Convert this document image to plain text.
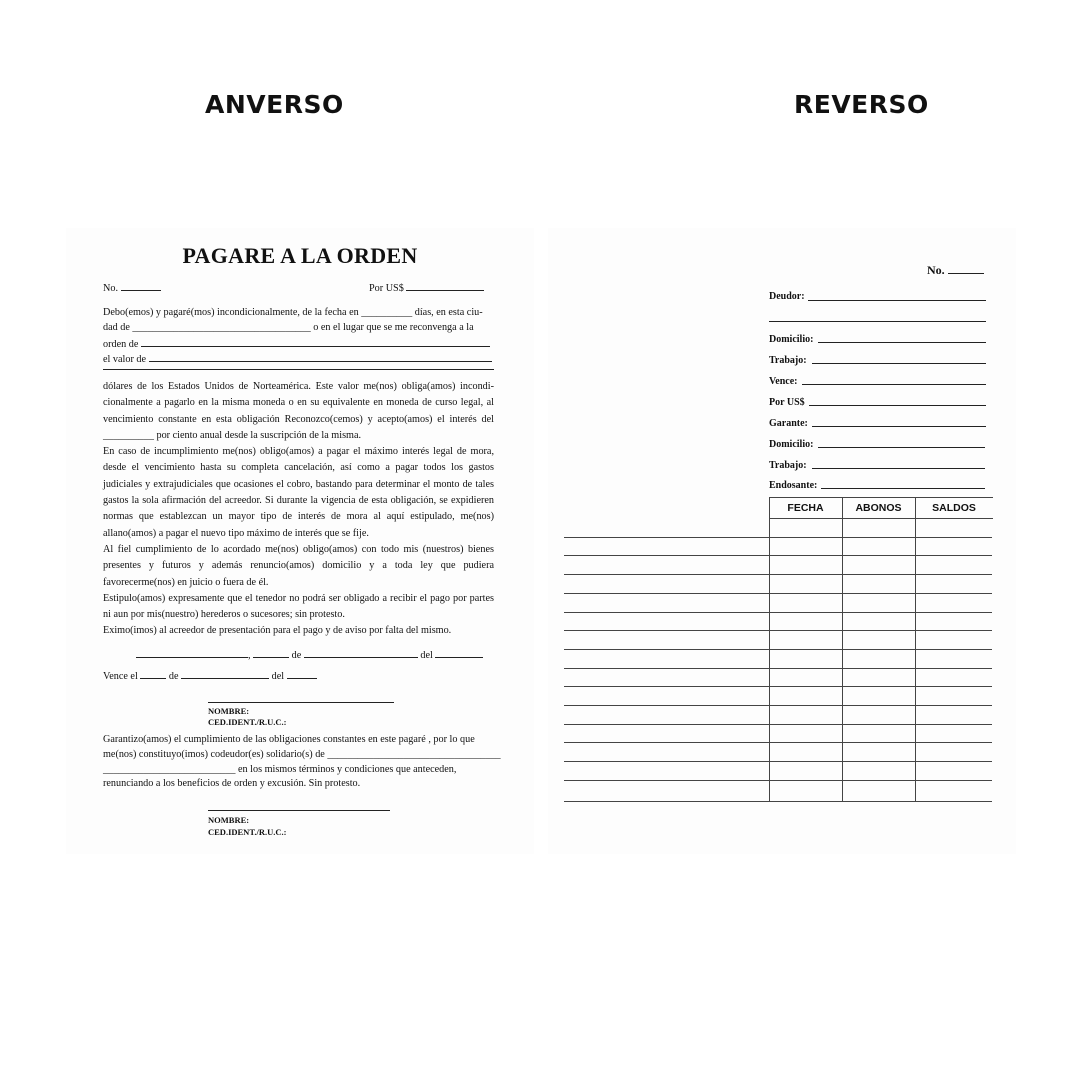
ANVERSO	REVERSO
PAGARE A LA ORDEN
No.	Por US$
Debo(emos) y pagaré(mos) incondicionalmente, de la fecha en __________ días, en esta ciu-
dad de ___________________________________ o en el lugar que se me reconvenga a la
orden de
el valor de

dólares de los Estados Unidos de Norteamérica. Este valor me(nos) obliga(amos) incondi- cionalmente a pagarlo en la misma moneda o en su equivalente en moneda de curso legal, al vencimiento constante en esta obligación Reconozco(cemos) y acepto(amos) el interés del __________ por ciento anual desde la suscripción de la misma.

En caso de incumplimiento me(nos) obligo(amos) a pagar el máximo interés legal de mora, desde el vencimiento hasta su completa cancelación, así como a pagar todos los gastos judiciales y extrajudiciales que ocasiones el cobro, bastando para determinar el monto de tales gastos la sola afirmación del acreedor. Si durante la vigencia de esta obligación, se expidieren normas que establezcan un mayor tipo de interés de mora al aquí estipulado, me(nos) allano(amos) a pagar el nuevo tipo máximo de interés que se fije.

Al fiel cumplimiento de lo acordado me(nos) obligo(amos) con todo mis (nuestros) bienes presentes y futuros y además renuncio(amos) domicilio y a toda ley que pudiera favorecerme(nos) en juicio o fuera de él.

Estipulo(amos) expresamente que el tenedor no podrá ser obligado a recibir el pago por partes ni aun por mis(nuestro) herederos o sucesores; sin protesto.

Eximo(imos) al acreedor de presentación para el pago y de aviso por falta del mismo.

,	de	del
Vence el	de	del
NOMBRE:
CED.IDENT./R.U.C.:
Garantizo(amos) el cumplimiento de las obligaciones constantes en este pagaré , por lo que
me(nos) constituyo(imos) codeudor(es) solidario(s) de __________________________________
__________________________ en los mismos términos y condiciones que anteceden,
renunciando a los beneficios de orden y excusión. Sin protesto.
NOMBRE:
CED.IDENT./R.U.C.:
No.
Deudor:
Domicilio:
Trabajo:
Vence:
Por US$
Garante:
Domicilio:
Trabajo:
Endosante:
FECHA	ABONOS	SALDOS
